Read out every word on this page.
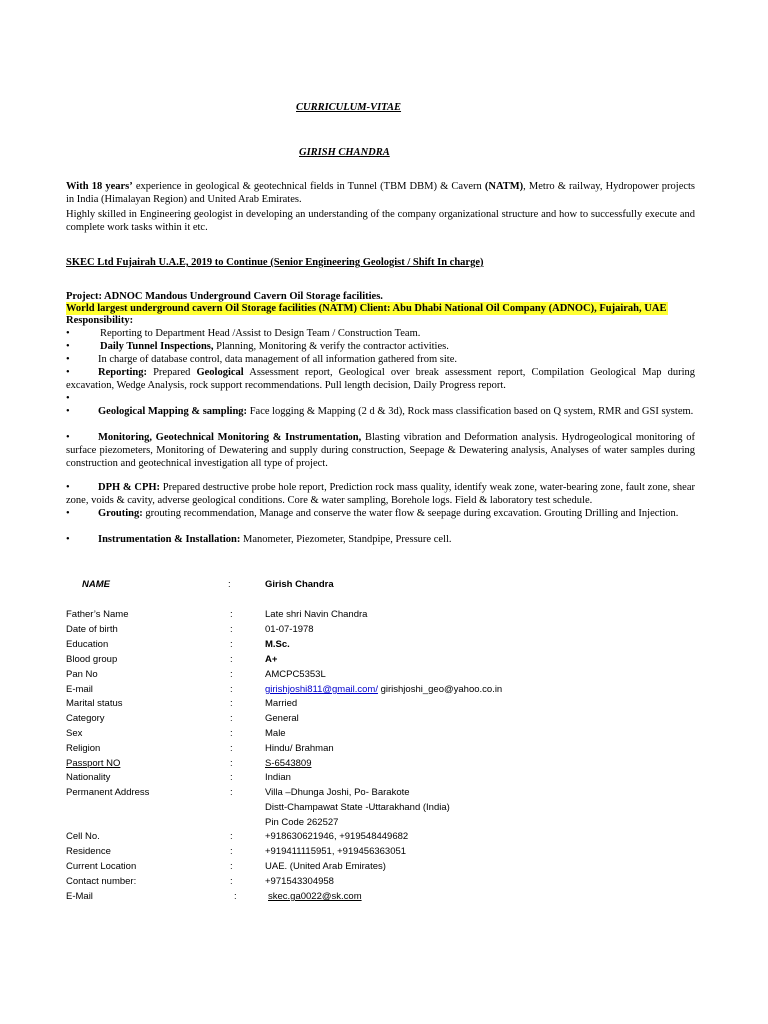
CURRICULUM-VITAE
GIRISH CHANDRA
With 18 years’ experience in geological & geotechnical fields in Tunnel (TBM DBM) & Cavern (NATM), Metro & railway, Hydropower projects in India (Himalayan Region) and United Arab Emirates.
Highly skilled in Engineering geologist in developing an understanding of the company organizational structure and how to successfully execute and complete work tasks within it etc.
SKEC Ltd Fujairah U.A.E, 2019 to Continue (Senior Engineering Geologist / Shift In charge)
Project: ADNOC Mandous Underground Cavern Oil Storage facilities.
World largest underground cavern Oil Storage facilities (NATM) Client: Abu Dhabi National Oil Company (ADNOC), Fujairah, UAE
Responsibility:
•	Reporting to Department Head /Assist to Design Team / Construction Team.
•	Daily Tunnel Inspections, Planning, Monitoring & verify the contractor activities.
•	In charge of database control, data management of all information gathered from site.
•	Reporting: Prepared Geological Assessment report, Geological over break assessment report, Compilation Geological Map during excavation, Wedge Analysis, rock support recommendations. Pull length decision, Daily Progress report.
•
•	Geological Mapping & sampling: Face logging & Mapping (2 d & 3d), Rock mass classification based on Q system, RMR and GSI system.
•	Monitoring, Geotechnical Monitoring & Instrumentation, Blasting vibration and Deformation analysis. Hydrogeological monitoring of surface piezometers, Monitoring of Dewatering and supply during construction, Seepage & Dewatering analysis, Analyses of water samples during construction and geotechnical investigation all type of project.
•	DPH & CPH: Prepared destructive probe hole report, Prediction rock mass quality, identify weak zone, water-bearing zone, fault zone, shear zone, voids & cavity, adverse geological conditions. Core & water sampling, Borehole logs. Field & laboratory test schedule.
•	Grouting: grouting recommendation, Manage and conserve the water flow & seepage during excavation. Grouting Drilling and Injection.
•	Instrumentation & Installation: Manometer, Piezometer, Standpipe, Pressure cell.
NAME	:	Girish Chandra
Father’s Name	:	Late shri Navin Chandra
Date of birth	:	01-07-1978
Education	:	M.Sc.
Blood group	:	A+
Pan No	:	AMCPC5353L
E-mail	:	girishjoshi811@gmail.com/ girishjoshi_geo@yahoo.co.in
Marital status	:	Married
Category	:	General
Sex	:	Male
Religion	:	Hindu/ Brahman
Passport NO	:	S-6543809
Nationality	:	Indian
Permanent Address	:	Villa –Dhunga Joshi, Po- Barakote
Distt-Champawat State -Uttarakhand (India)
Pin Code 262527
Cell No.	:	+918630621946, +919548449682
Residence	:	+919411115951, +919456363051
Current Location	:	UAE. (United Arab Emirates)
Contact number:	:	+971543304958
E-Mail	:	skec.ga0022@sk.com
